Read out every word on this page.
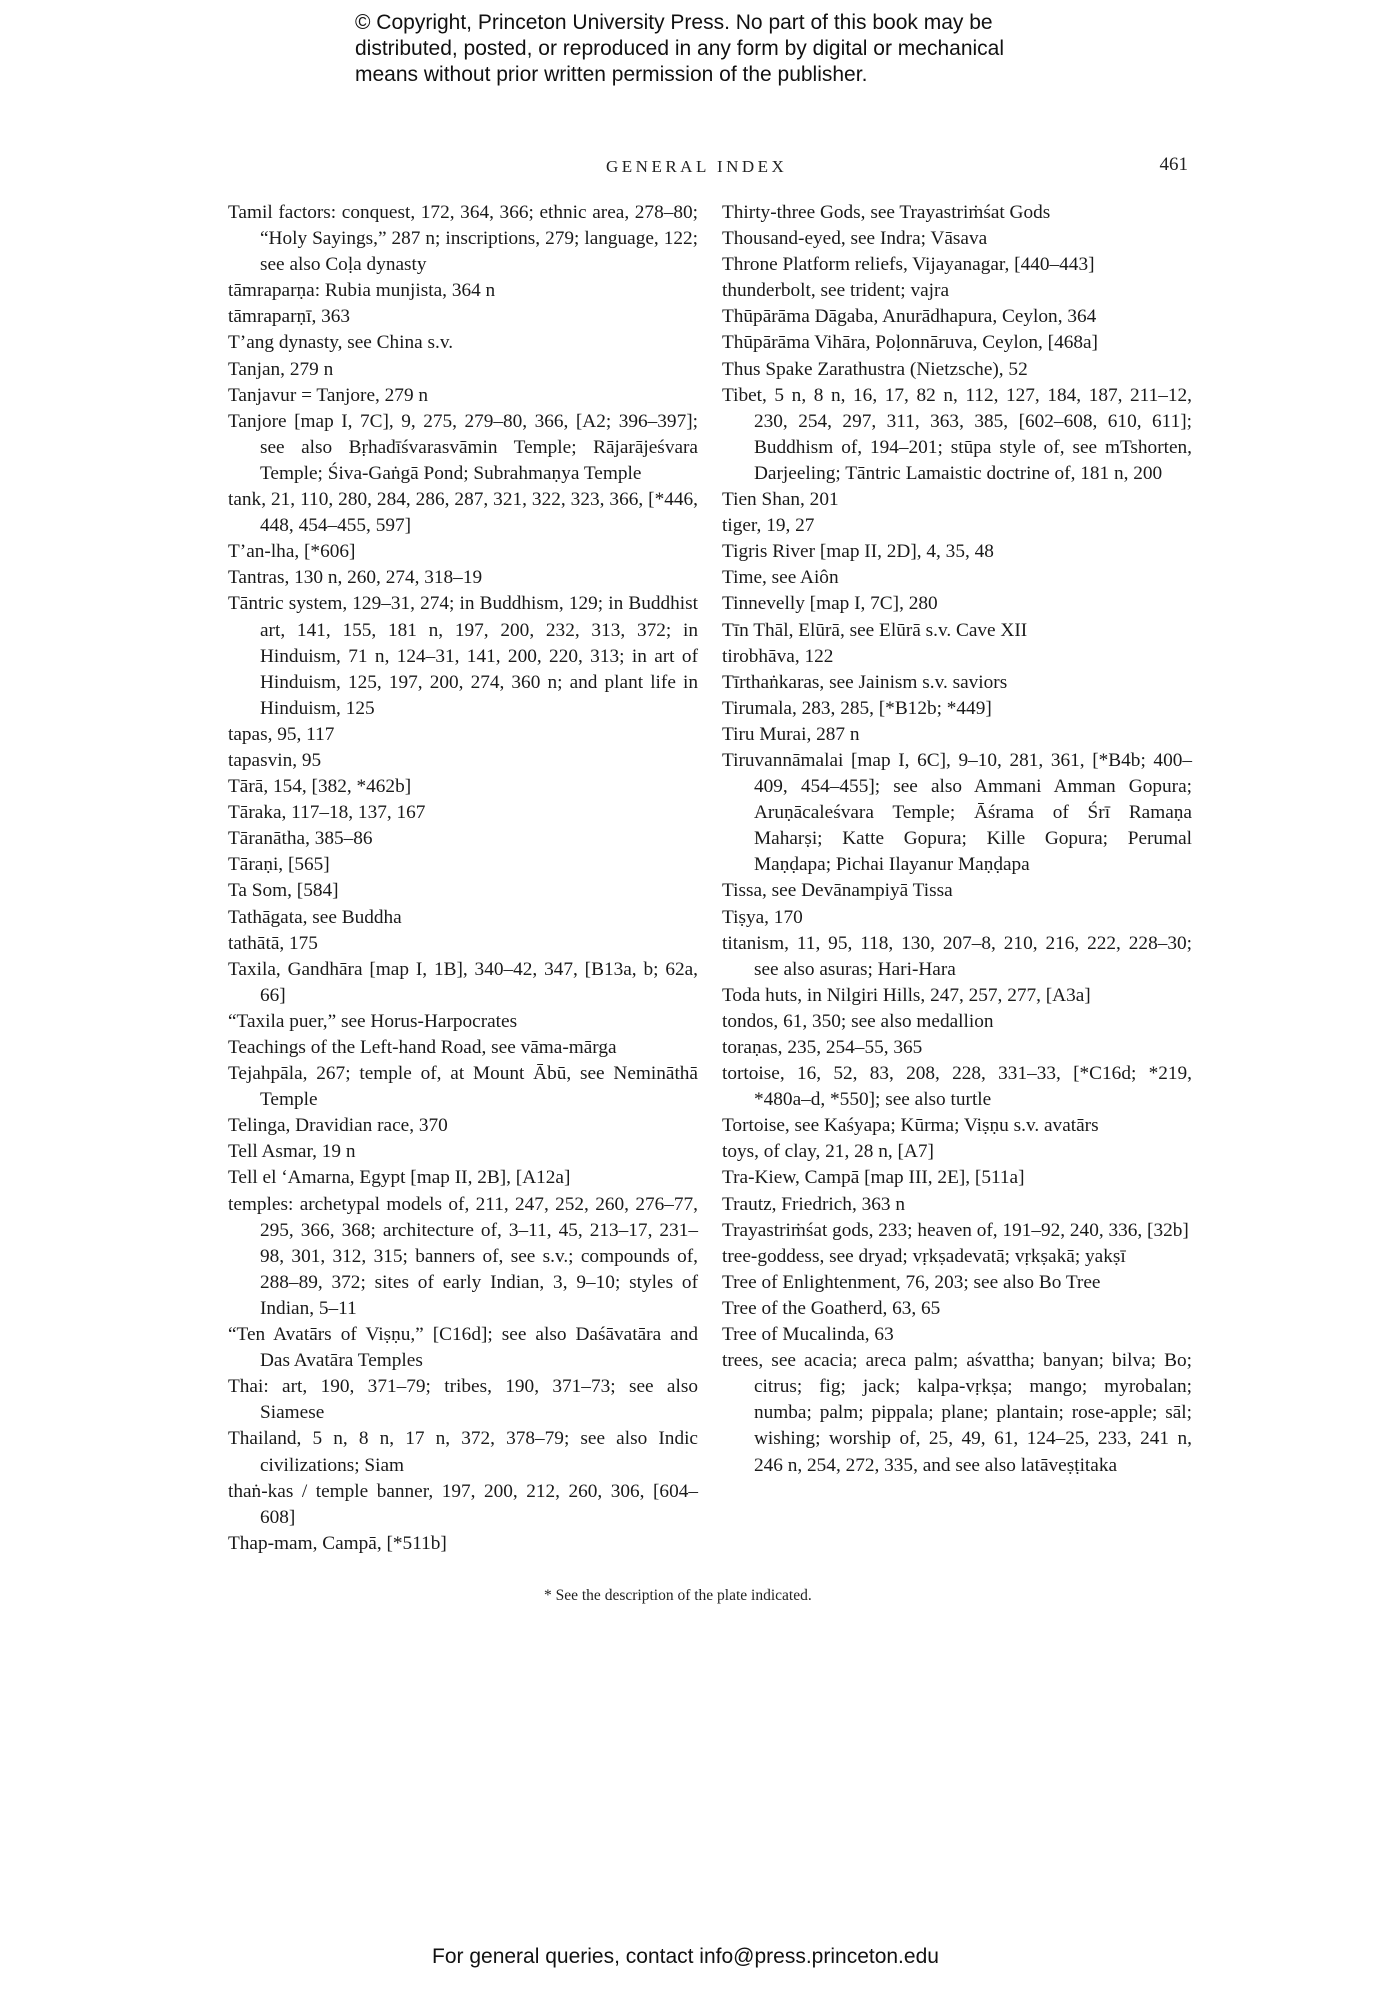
© Copyright, Princeton University Press. No part of this book may be
distributed, posted, or reproduced in any form by digital or mechanical
means without prior written permission of the publisher.
GENERAL INDEX	461
Tamil factors: conquest, 172, 364, 366; ethnic area, 278–80; “Holy Sayings,” 287 n; inscriptions, 279; language, 122; see also Coḷa dynasty
tāmraparṇa: Rubia munjista, 364 n
tāmraparṇī, 363
T’ang dynasty, see China s.v.
Tanjan, 279 n
Tanjavur = Tanjore, 279 n
Tanjore [map I, 7C], 9, 275, 279–80, 366, [A2; 396–397]; see also Bṛhadīśvarasvāmin Temple; Rājarājeśvara Temple; Śiva-Gaṅgā Pond; Subrahmaṇya Temple
tank, 21, 110, 280, 284, 286, 287, 321, 322, 323, 366, [*446, 448, 454–455, 597]
T’an-lha, [*606]
Tantras, 130 n, 260, 274, 318–19
Tāntric system, 129–31, 274; in Buddhism, 129; in Buddhist art, 141, 155, 181 n, 197, 200, 232, 313, 372; in Hinduism, 71 n, 124–31, 141, 200, 220, 313; in art of Hinduism, 125, 197, 200, 274, 360 n; and plant life in Hinduism, 125
tapas, 95, 117
tapasvin, 95
Tārā, 154, [382, *462b]
Tāraka, 117–18, 137, 167
Tāranātha, 385–86
Tāraṇi, [565]
Ta Som, [584]
Tathāgata, see Buddha
tathātā, 175
Taxila, Gandhāra [map I, 1B], 340–42, 347, [B13a, b; 62a, 66]
“Taxila puer,” see Horus-Harpocrates
Teachings of the Left-hand Road, see vāma-mārga
Tejahpāla, 267; temple of, at Mount Ābū, see Nemināthā Temple
Telinga, Dravidian race, 370
Tell Asmar, 19 n
Tell el ‘Amarna, Egypt [map II, 2B], [A12a]
temples: archetypal models of, 211, 247, 252, 260, 276–77, 295, 366, 368; architecture of, 3–11, 45, 213–17, 231–98, 301, 312, 315; banners of, see s.v.; compounds of, 288–89, 372; sites of early Indian, 3, 9–10; styles of Indian, 5–11
“Ten Avatārs of Viṣṇu,” [C16d]; see also Daśāvatāra and Das Avatāra Temples
Thai: art, 190, 371–79; tribes, 190, 371–73; see also Siamese
Thailand, 5 n, 8 n, 17 n, 372, 378–79; see also Indic civilizations; Siam
thaṅ-kas / temple banner, 197, 200, 212, 260, 306, [604–608]
Thap-mam, Campā, [*511b]
Thirty-three Gods, see Trayastriṁśat Gods
Thousand-eyed, see Indra; Vāsava
Throne Platform reliefs, Vijayanagar, [440–443]
thunderbolt, see trident; vajra
Thūpārāma Dāgaba, Anurādhapura, Ceylon, 364
Thūpārāma Vihāra, Poḷonnāruva, Ceylon, [468a]
Thus Spake Zarathustra (Nietzsche), 52
Tibet, 5 n, 8 n, 16, 17, 82 n, 112, 127, 184, 187, 211–12, 230, 254, 297, 311, 363, 385, [602–608, 610, 611]; Buddhism of, 194–201; stūpa style of, see mTshorten, Darjeeling; Tāntric Lamaistic doctrine of, 181 n, 200
Tien Shan, 201
tiger, 19, 27
Tigris River [map II, 2D], 4, 35, 48
Time, see Aiôn
Tinnevelly [map I, 7C], 280
Tīn Thāl, Elūrā, see Elūrā s.v. Cave XII
tirobhāva, 122
Tīrthaṅkaras, see Jainism s.v. saviors
Tirumala, 283, 285, [*B12b; *449]
Tiru Murai, 287 n
Tiruvannāmalai [map I, 6C], 9–10, 281, 361, [*B4b; 400–409, 454–455]; see also Ammani Amman Gopura; Aruṇācaleśvara Temple; Āśrama of Śrī Ramaṇa Maharṣi; Katte Gopura; Kille Gopura; Perumal Maṇḍapa; Pichai Ilayanur Maṇḍapa
Tissa, see Devānampiyā Tissa
Tiṣya, 170
titanism, 11, 95, 118, 130, 207–8, 210, 216, 222, 228–30; see also asuras; Hari-Hara
Toda huts, in Nilgiri Hills, 247, 257, 277, [A3a]
tondos, 61, 350; see also medallion
toraṇas, 235, 254–55, 365
tortoise, 16, 52, 83, 208, 228, 331–33, [*C16d; *219, *480a–d, *550]; see also turtle
Tortoise, see Kaśyapa; Kūrma; Viṣṇu s.v. avatārs
toys, of clay, 21, 28 n, [A7]
Tra-Kiew, Campā [map III, 2E], [511a]
Trautz, Friedrich, 363 n
Trayastriṁśat gods, 233; heaven of, 191–92, 240, 336, [32b]
tree-goddess, see dryad; vṛkṣadevatā; vṛkṣakā; yakṣī
Tree of Enlightenment, 76, 203; see also Bo Tree
Tree of the Goatherd, 63, 65
Tree of Mucalinda, 63
trees, see acacia; areca palm; aśvattha; banyan; bilva; Bo; citrus; fig; jack; kalpa-vṛkṣa; mango; myrobalan; numba; palm; pippala; plane; plantain; rose-apple; sāl; wishing; worship of, 25, 49, 61, 124–25, 233, 241 n, 246 n, 254, 272, 335, and see also latāveṣṭitaka
* See the description of the plate indicated.
For general queries, contact info@press.princeton.edu
